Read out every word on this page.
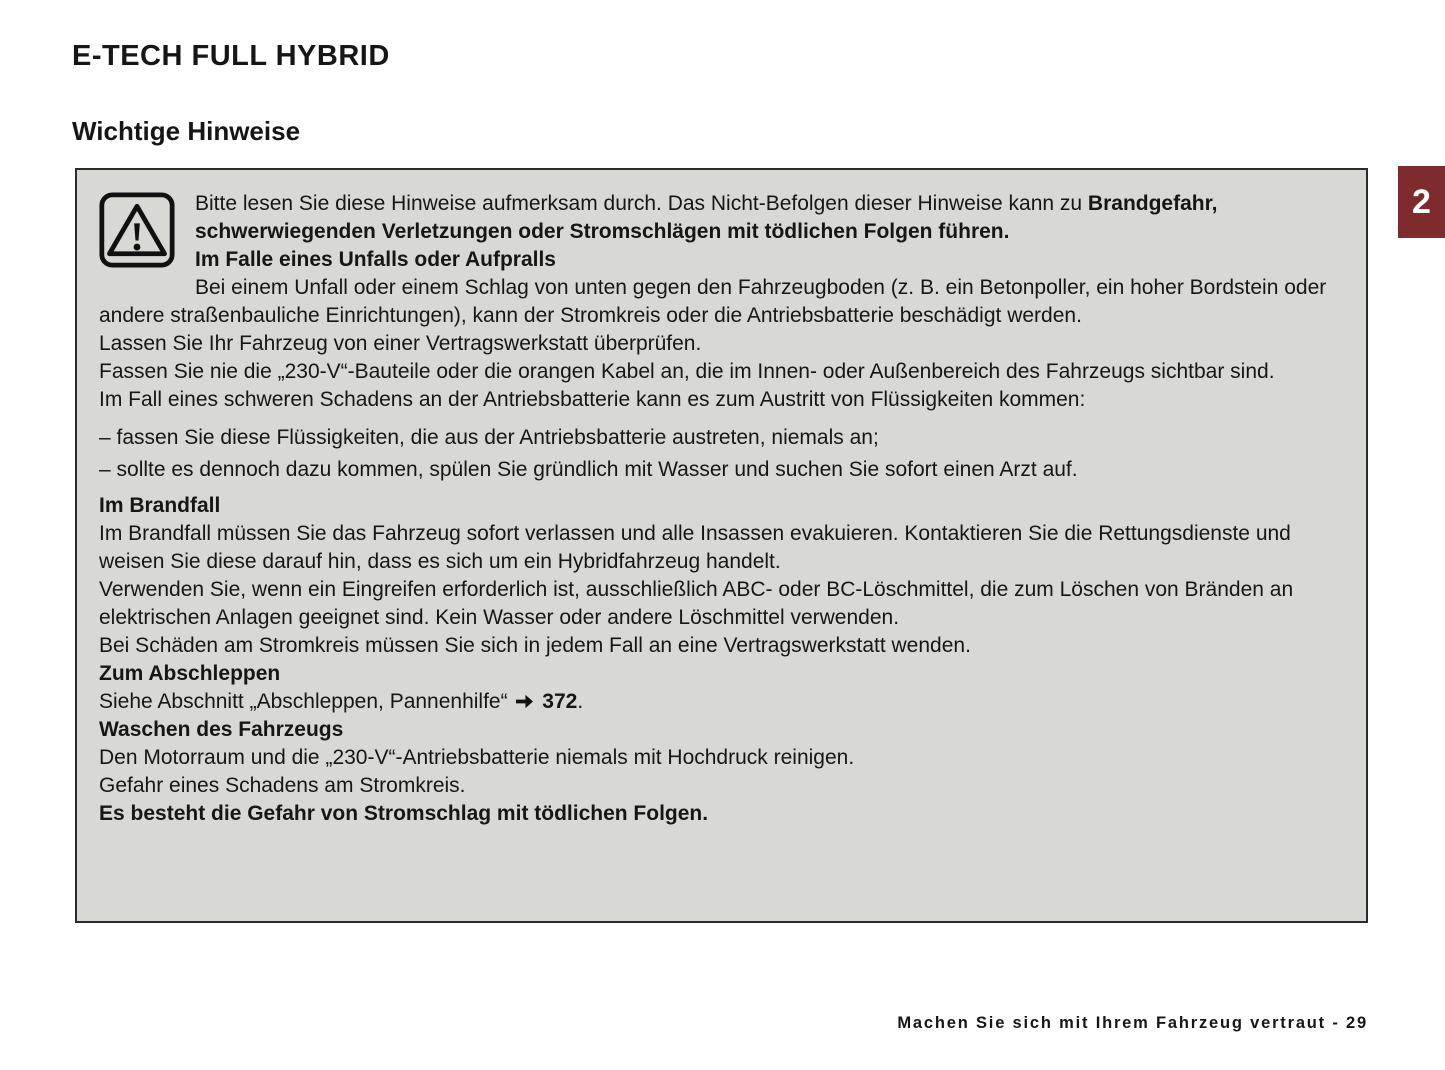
E-TECH FULL HYBRID
Wichtige Hinweise
2

Bitte lesen Sie diese Hinweise aufmerksam durch. Das Nicht-Befolgen dieser Hinweise kann zu Brandgefahr, schwerwiegenden Verletzungen oder Stromschlägen mit tödlichen Folgen führen.

Im Falle eines Unfalls oder Aufpralls

Bei einem Unfall oder einem Schlag von unten gegen den Fahrzeugboden (z. B. ein Betonpoller, ein hoher Bordstein oder andere straßenbauliche Einrichtungen), kann der Stromkreis oder die Antriebsbatterie beschädigt werden.

Lassen Sie Ihr Fahrzeug von einer Vertragswerkstatt überprüfen.

Fassen Sie nie die „230-V“-Bauteile oder die orangen Kabel an, die im Innen- oder Außenbereich des Fahrzeugs sichtbar sind.

Im Fall eines schweren Schadens an der Antriebsbatterie kann es zum Austritt von Flüssigkeiten kommen:

– fassen Sie diese Flüssigkeiten, die aus der Antriebsbatterie austreten, niemals an;

– sollte es dennoch dazu kommen, spülen Sie gründlich mit Wasser und suchen Sie sofort einen Arzt auf.

Im Brandfall

Im Brandfall müssen Sie das Fahrzeug sofort verlassen und alle Insassen evakuieren. Kontaktieren Sie die Rettungsdienste und weisen Sie diese darauf hin, dass es sich um ein Hybridfahrzeug handelt.

Verwenden Sie, wenn ein Eingreifen erforderlich ist, ausschließlich ABC- oder BC-Löschmittel, die zum Löschen von Bränden an elektrischen Anlagen geeignet sind. Kein Wasser oder andere Löschmittel verwenden.

Bei Schäden am Stromkreis müssen Sie sich in jedem Fall an eine Vertragswerkstatt wenden.

Zum Abschleppen

Siehe Abschnitt „Abschleppen, Pannenhilfe“
372.

Waschen des Fahrzeugs

Den Motorraum und die „230-V“-Antriebsbatterie niemals mit Hochdruck reinigen.

Gefahr eines Schadens am Stromkreis.

Es besteht die Gefahr von Stromschlag mit tödlichen Folgen.

Machen Sie sich mit Ihrem Fahrzeug vertraut - 29
